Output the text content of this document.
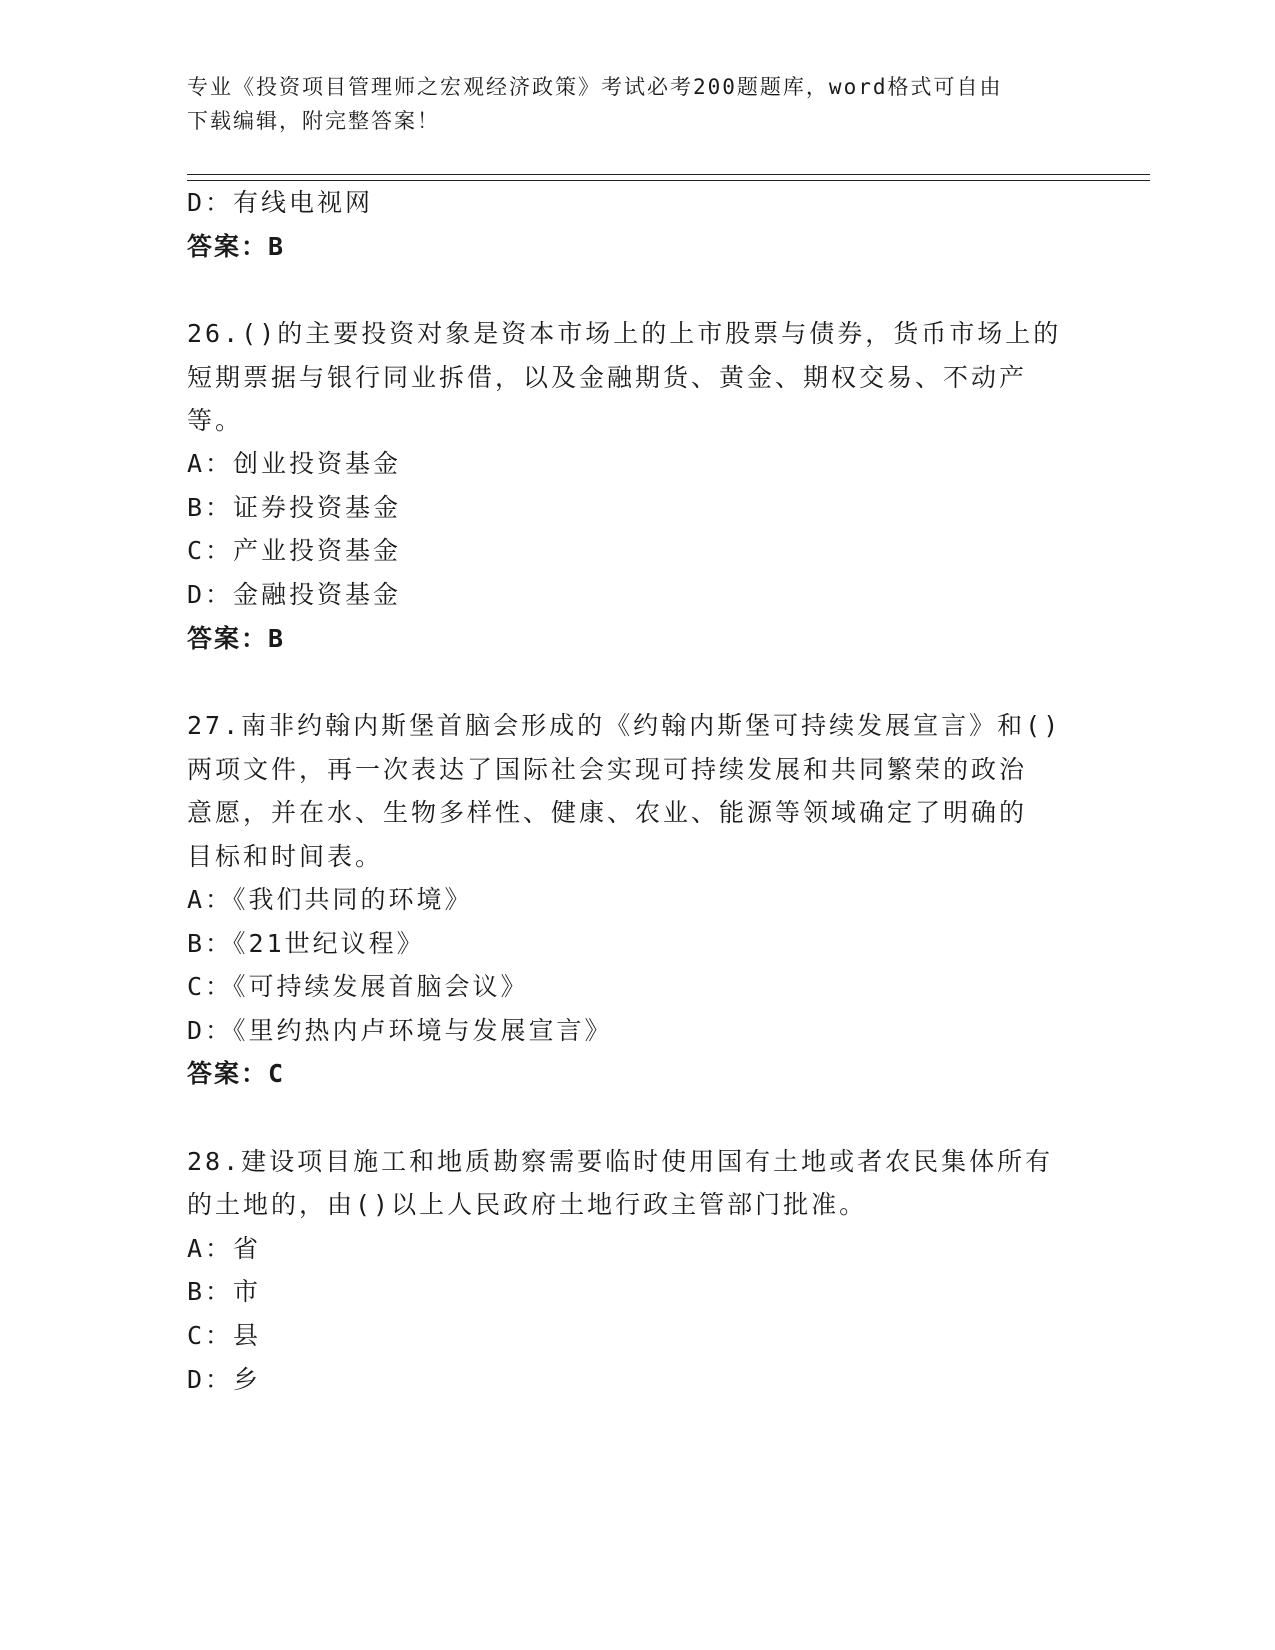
专业《投资项目管理师之宏观经济政策》考试必考200题题库，word格式可自由
下载编辑，附完整答案！
D：有线电视网
答案：B
26.()的主要投资对象是资本市场上的上市股票与债券，货币市场上的
短期票据与银行同业拆借，以及金融期货、黄金、期权交易、不动产
等。
A：创业投资基金
B：证券投资基金
C：产业投资基金
D：金融投资基金
答案：B
27.南非约翰内斯堡首脑会形成的《约翰内斯堡可持续发展宣言》和()
两项文件，再一次表达了国际社会实现可持续发展和共同繁荣的政治
意愿，并在水、生物多样性、健康、农业、能源等领域确定了明确的
目标和时间表。
A：《我们共同的环境》
B：《21世纪议程》
C：《可持续发展首脑会议》
D：《里约热内卢环境与发展宣言》
答案：C
28.建设项目施工和地质勘察需要临时使用国有土地或者农民集体所有
的土地的，由()以上人民政府土地行政主管部门批准。
A：省
B：市
C：县
D：乡
